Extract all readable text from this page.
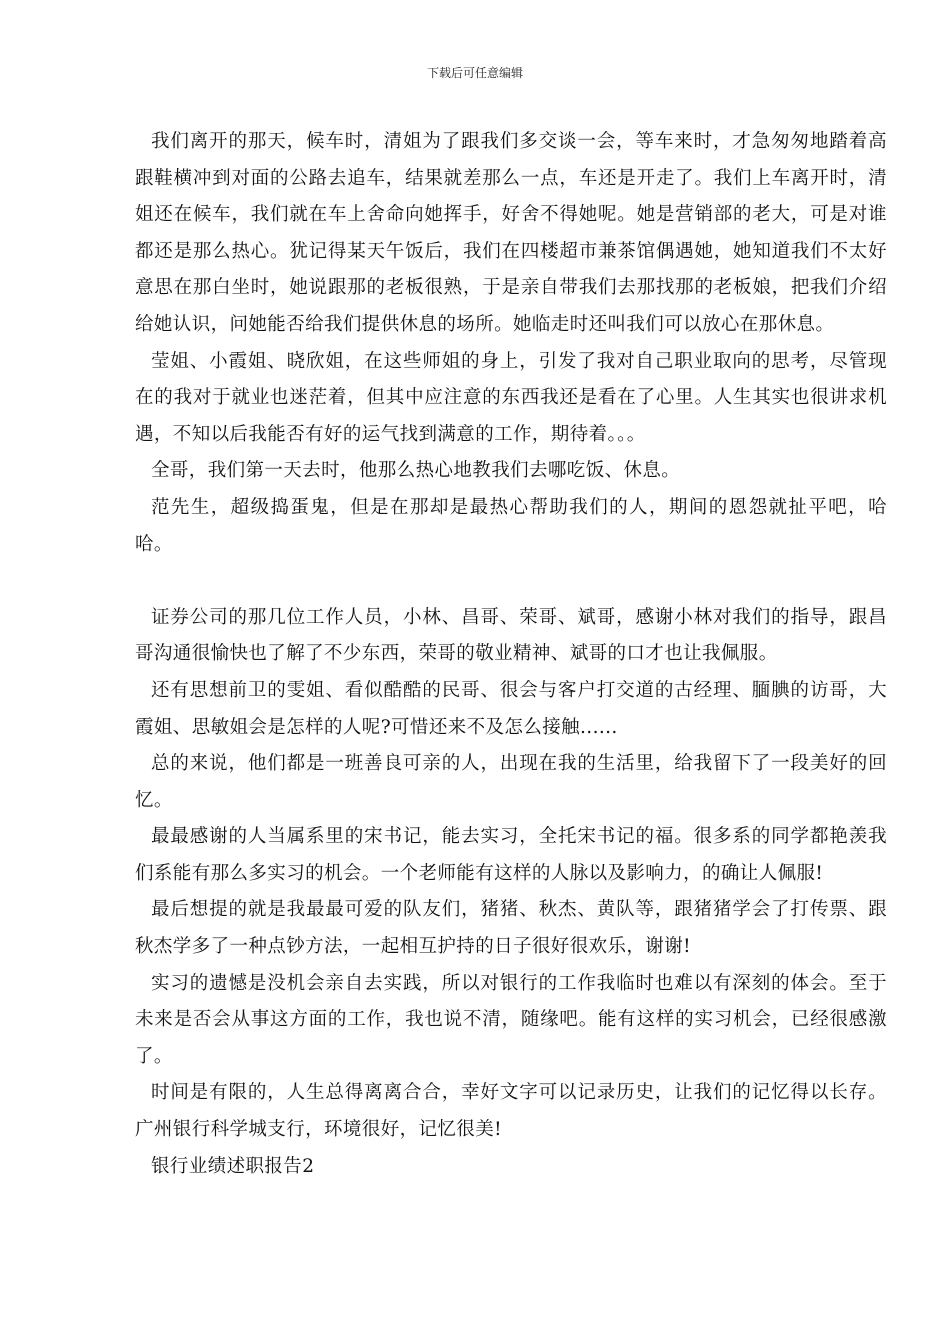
下载后可任意编辑

我们离开的那天，候车时，清姐为了跟我们多交谈一会，等车来时，才急匆匆地踏着高跟鞋横冲到对面的公路去追车，结果就差那么一点，车还是开走了。我们上车离开时，清姐还在候车，我们就在车上舍命向她挥手，好舍不得她呢。她是营销部的老大，可是对谁都还是那么热心。犹记得某天午饭后，我们在四楼超市兼茶馆偶遇她，她知道我们不太好意思在那白坐时，她说跟那的老板很熟，于是亲自带我们去那找那的老板娘，把我们介绍给她认识，问她能否给我们提供休息的场所。她临走时还叫我们可以放心在那休息。

莹姐、小霞姐、晓欣姐，在这些师姐的身上，引发了我对自己职业取向的思考，尽管现在的我对于就业也迷茫着，但其中应注意的东西我还是看在了心里。人生其实也很讲求机遇，不知以后我能否有好的运气找到满意的工作，期待着。。。

全哥，我们第一天去时，他那么热心地教我们去哪吃饭、休息。

范先生，超级捣蛋鬼，但是在那却是最热心帮助我们的人，期间的恩怨就扯平吧，哈哈。

证券公司的那几位工作人员，小林、昌哥、荣哥、斌哥，感谢小林对我们的指导，跟昌哥沟通很愉快也了解了不少东西，荣哥的敬业精神、斌哥的口才也让我佩服。

还有思想前卫的雯姐、看似酷酷的民哥、很会与客户打交道的古经理、腼腆的访哥，大霞姐、思敏姐会是怎样的人呢?可惜还来不及怎么接触......

总的来说，他们都是一班善良可亲的人，出现在我的生活里，给我留下了一段美好的回忆。

最最感谢的人当属系里的宋书记，能去实习，全托宋书记的福。很多系的同学都艳羡我们系能有那么多实习的机会。一个老师能有这样的人脉以及影响力，的确让人佩服!

最后想提的就是我最最可爱的队友们，猪猪、秋杰、黄队等，跟猪猪学会了打传票、跟秋杰学多了一种点钞方法，一起相互护持的日子很好很欢乐，谢谢!

实习的遗憾是没机会亲自去实践，所以对银行的工作我临时也难以有深刻的体会。至于未来是否会从事这方面的工作，我也说不清，随缘吧。能有这样的实习机会，已经很感激了。

时间是有限的，人生总得离离合合，幸好文字可以记录历史，让我们的记忆得以长存。广州银行科学城支行，环境很好，记忆很美!

银行业绩述职报告2
